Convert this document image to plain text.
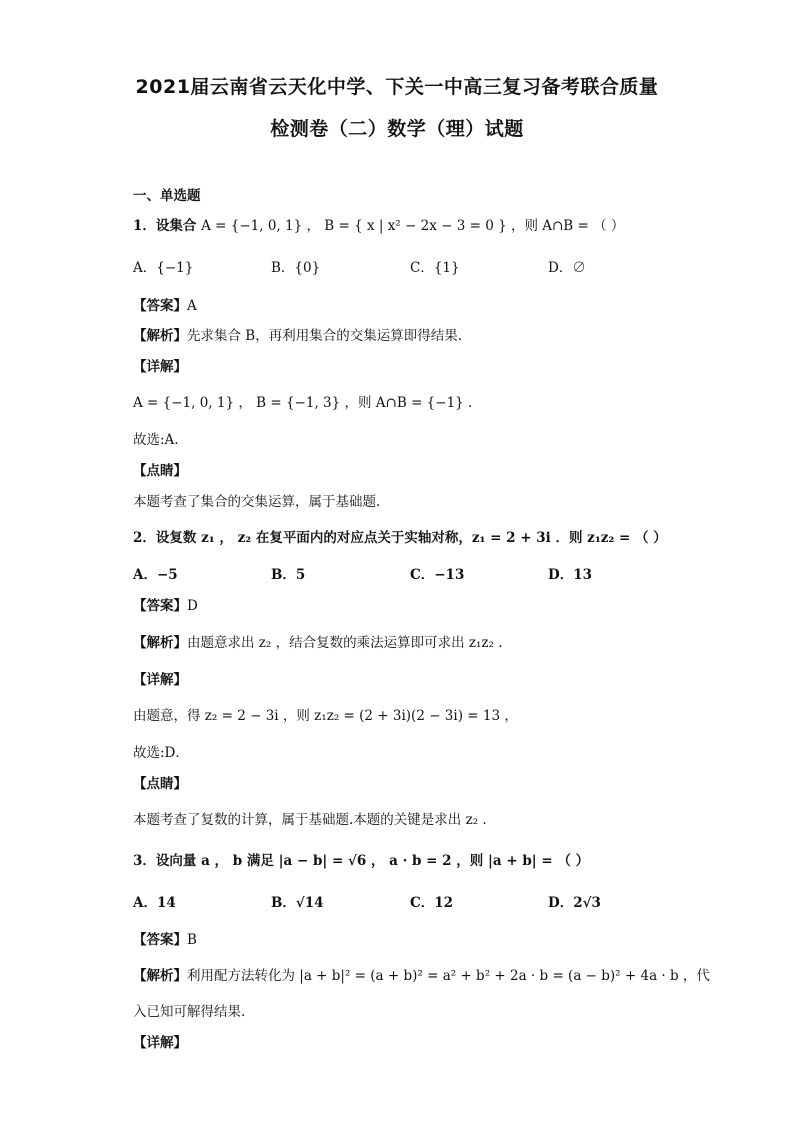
2021届云南省云天化中学、下关一中高三复习备考联合质量
检测卷（二）数学（理）试题
一、单选题
1．设集合 A = {−1, 0, 1} ， B = { x | x² − 2x − 3 = 0 } ，则 A∩B = （ ）
A．{−1}	B．{0}	C．{1}	D．∅
【答案】A
【解析】先求集合 B，再利用集合的交集运算即得结果.
【详解】
A = {−1, 0, 1} ， B = {−1, 3} ，则 A∩B = {−1} .
故选:A.
【点睛】
本题考查了集合的交集运算，属于基础题.
2．设复数 z₁ ， z₂ 在复平面内的对应点关于实轴对称，z₁ = 2 + 3i ．则 z₁z₂ = （ ）
A．−5	B．5	C．−13	D．13
【答案】D
【解析】由题意求出 z₂ ，结合复数的乘法运算即可求出 z₁z₂ .
【详解】
由题意，得 z₂ = 2 − 3i ，则 z₁z₂ = (2 + 3i)(2 − 3i) = 13 ，
故选:D．
【点睛】
本题考查了复数的计算，属于基础题.本题的关键是求出 z₂ .
3．设向量 a ， b 满足 |a − b| = √6 ， a · b = 2 ，则 |a + b| = （ ）
A．14	B．√14	C．12	D．2√3
【答案】B
【解析】利用配方法转化为 |a + b|² = (a + b)² = a² + b² + 2a · b = (a − b)² + 4a · b ，代
入已知可解得结果.
【详解】
